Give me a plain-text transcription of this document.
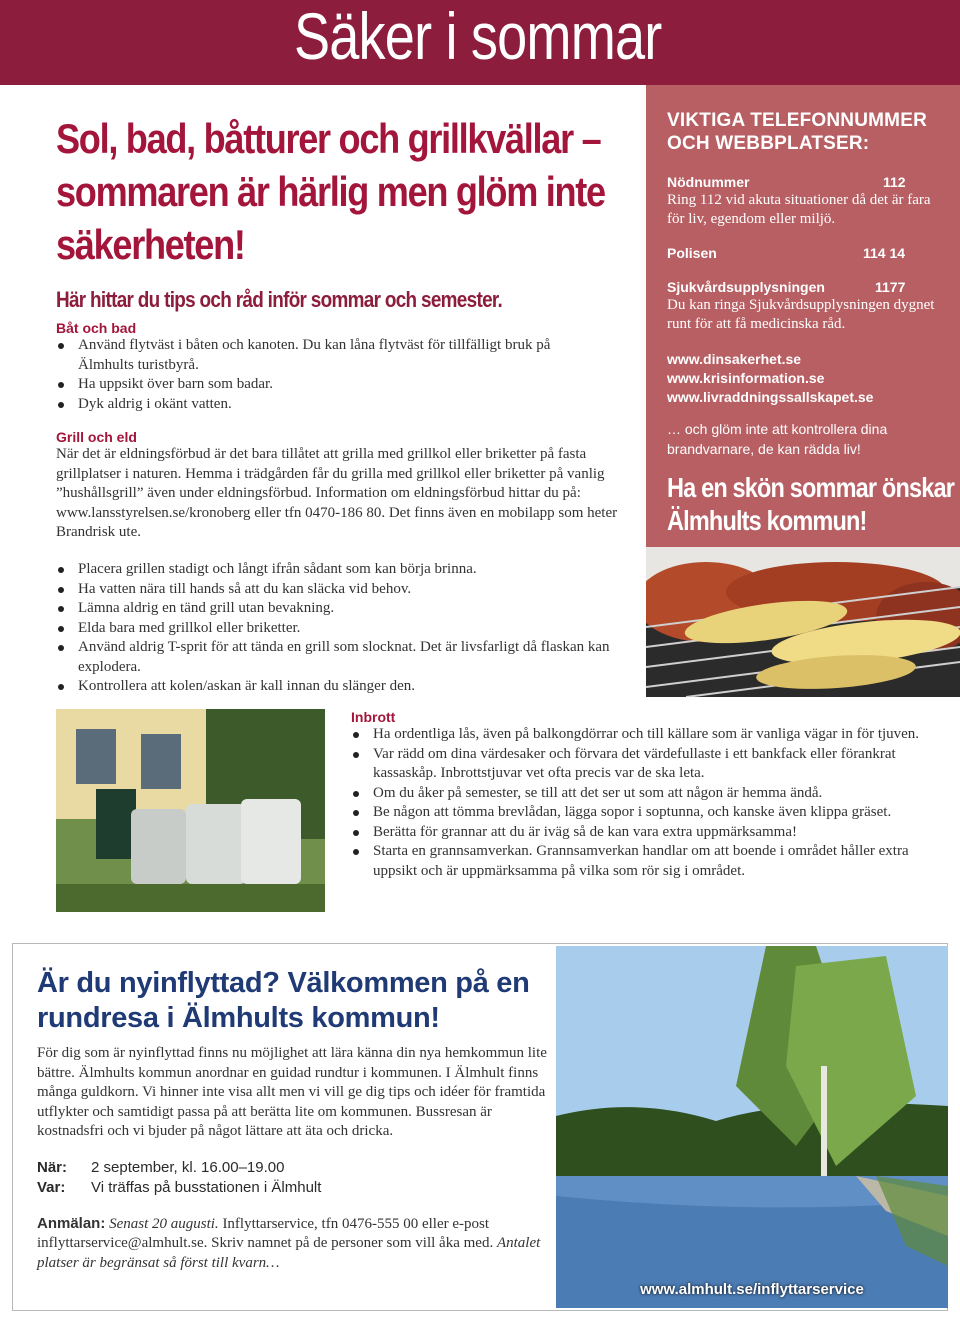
Säker i sommar
Sol, bad, båtturer och grillkvällar – sommaren är härlig men glöm inte säkerheten!
Här hittar du tips och råd inför sommar och semester.
Båt och bad
Använd flytväst i båten och kanoten. Du kan låna flytväst för tillfälligt bruk på Älmhults turistbyrå.
Ha uppsikt över barn som badar.
Dyk aldrig i okänt vatten.
Grill och eld
När det är eldningsförbud är det bara tillåtet att grilla med grillkol eller briketter på fasta grillplatser i naturen. Hemma i trädgården får du grilla med grillkol eller briketter på vanlig ”hushållsgrill” även under eldningsförbud. Information om eldningsförbud hittar du på: www.lansstyrelsen.se/kronoberg eller tfn 0470-186 80. Det finns även en mobilapp som heter Brandrisk ute.
Placera grillen stadigt och långt ifrån sådant som kan börja brinna.
Ha vatten nära till hands så att du kan släcka vid behov.
Lämna aldrig en tänd grill utan bevakning.
Elda bara med grillkol eller briketter.
Använd aldrig T-sprit för att tända en grill som slocknat. Det är livsfarligt då flaskan kan explodera.
Kontrollera att kolen/askan är kall innan du slänger den.
VIKTIGA TELEFONNUMMER OCH WEBBPLATSER:
Nödnummer	112
Ring 112 vid akuta situationer då det är fara för liv, egendom eller miljö.
Polisen	114 14
Sjukvårdsupplysningen	1177
Du kan ringa Sjukvårdsupplysningen dygnet runt för att få medicinska råd.
www.dinsakerhet.se
www.krisinformation.se
www.livraddningssallskapet.se
… och glöm inte att kontrollera dina brandvarnare, de kan rädda liv!
Ha en skön sommar önskar Älmhults kommun!
Inbrott
Ha ordentliga lås, även på balkongdörrar och till källare som är vanliga vägar in för tjuven.
Var rädd om dina värdesaker och förvara det värdefullaste i ett bankfack eller förankrat kassaskåp. Inbrottstjuvar vet ofta precis var de ska leta.
Om du åker på semester, se till att det ser ut som att någon är hemma ändå.
Be någon att tömma brevlådan, lägga sopor i soptunna, och kanske även klippa gräset.
Berätta för grannar att du är iväg så de kan vara extra uppmärksamma!
Starta en grannsamverkan. Grannsamverkan handlar om att boende i området håller extra uppsikt och är uppmärksamma på vilka som rör sig i området.
Är du nyinflyttad? Välkommen på en rundresa i Älmhults kommun!
För dig som är nyinflyttad finns nu möjlighet att lära känna din nya hemkommun lite bättre. Älmhults kommun anordnar en guidad rundtur i kommunen. I Älmhult finns många guldkorn. Vi hinner inte visa allt men vi vill ge dig tips och idéer för framtida utflykter och samtidigt passa på att berätta lite om kommunen. Bussresan är kostnadsfri och vi bjuder på något lättare att äta och dricka.
När: 2 september, kl. 16.00–19.00
Var: Vi träffas på busstationen i Älmhult
Anmälan: Senast 20 augusti. Inflyttarservice, tfn 0476-555 00 eller e-post inflyttarservice@almhult.se. Skriv namnet på de personer som vill åka med. Antalet platser är begränsat så först till kvarn…
www.almhult.se/inflyttarservice
